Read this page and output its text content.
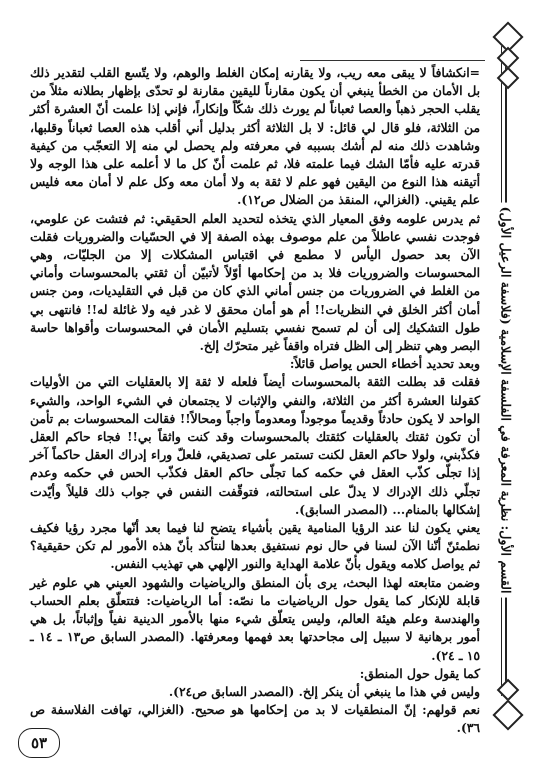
القسم الأول: نظرية المعرفة في الفلسفة الإسلامية (فلاسفة الرعيل الأول)

=انكشافاً لا يبقى معه ريب، ولا يقارنه إمكان الغلط والوهم، ولا يتّسع القلب لتقدير ذلك بل الأمان من الخطأ ينبغي أن يكون مقارناً لليقين مقارنة لو تحدّى بإظهار بطلانه مثلاً من يقلب الحجر ذهباً والعصا ثعباناً لم يورث ذلك شكّاً وإنكاراً، فإني إذا علمت أنّ العشرة أكثر من الثلاثة، فلو قال لي قائل: لا بل الثلاثة أكثر بدليل أني أقلب هذه العصا ثعباناً وقلبها، وشاهدت ذلك منه لم أشك بسببه في معرفته ولم يحصل لي منه إلا التعجّب من كيفية قدرته عليه فأمّا الشك فيما علمته فلا، ثم علمت أنّ كل ما لا أعلمه على هذا الوجه ولا أتيقنه هذا النوع من اليقين فهو علم لا ثقة به ولا أمان معه وكل علم لا أمان معه فليس علم يقيني. (الغزالي، المنقذ من الضلال ص١٢).

ثم يدرس علومه وفق المعيار الذي يتخذه لتحديد العلم الحقيقي: ثم فتشت عن علومي، فوجدت نفسي عاطلاً من علم موصوف بهذه الصفة إلا في الحسّيات والضروريات فقلت الآن بعد حصول اليأس لا مطمع في اقتباس المشكلات إلا من الجليّات، وهي المحسوسات والضروريات فلا بد من إحكامها أوّلاً لأتبيّن أن ثقتي بالمحسوسات وأماني من الغلط في الضروريات من جنس أماني الذي كان من قبل في التقليديات، ومن جنس أمان أكثر الخلق في النظريات!! أم هو أمان محقق لا غدر فيه ولا غائلة له!! فانتهى بي طول التشكيك إلى أن لم تسمح نفسي بتسليم الأمان في المحسوسات وأقواها حاسة البصر وهي تنظر إلى الظل فتراه واقفاً غير متحرّك إلخ.

وبعد تحديد أخطاء الحس يواصل قائلاً:

فقلت قد بطلت الثقة بالمحسوسات أيضاً فلعله لا ثقة إلا بالعقليات التي من الأوليات كقولنا العشرة أكثر من الثلاثة، والنفي والإثبات لا يجتمعان في الشيء الواحد، والشيء الواحد لا يكون حادثاً وقديماً موجوداً ومعدوماً واجباً ومحالاً!! فقالت المحسوسات بم تأمن أن تكون ثقتك بالعقليات كثقتك بالمحسوسات وقد كنت واثقاً بي!! فجاء حاكم العقل فكذّبني، ولولا حاكم العقل لكنت تستمر على تصديقي، فلعلّ وراء إدراك العقل حاكماً آخر إذا تجلّى كذّب العقل في حكمه كما تجلّى حاكم العقل فكذّب الحس في حكمه وعدم تجلّي ذلك الإدراك لا يدلّ على استحالته، فتوقّفت النفس في جواب ذلك قليلاً وأيّدت إشكالها بالمنام... (المصدر السابق).

يعني يكون لنا عند الرؤيا المنامية يقين بأشياء يتضح لنا فيما بعد أنّها مجرد رؤيا فكيف نطمئنّ أنّنا الآن لسنا في حال نوم نستفيق بعدها لنتأكد بأنّ هذه الأمور لم تكن حقيقية؟ ثم يواصل كلامه ويقول بأنّ علامة الهداية والنور الإلهي هي تهذيب النفس.

وضمن متابعته لهذا البحث، يرى بأن المنطق والرياضيات والشهود العيني هي علوم غير قابلة للإنكار كما يقول حول الرياضيات ما نصّه: أما الرياضيات: فتتعلّق بعلم الحساب والهندسة وعلم هيئة العالم، وليس يتعلّق شيء منها بالأمور الدينية نفياً وإثباتاً، بل هي أمور برهانية لا سبيل إلى مجاحدتها بعد فهمها ومعرفتها. (المصدر السابق ص١٣ ـ ١٤ ـ ١٥ ـ ٢٤).

كما يقول حول المنطق:

وليس في هذا ما ينبغي أن ينكر إلخ. (المصدر السابق ص٢٤).

نعم قولهم: إنّ المنطقيات لا بد من إحكامها هو صحيح. (الغزالي، تهافت الفلاسفة ص ٣٦).

٥٣
